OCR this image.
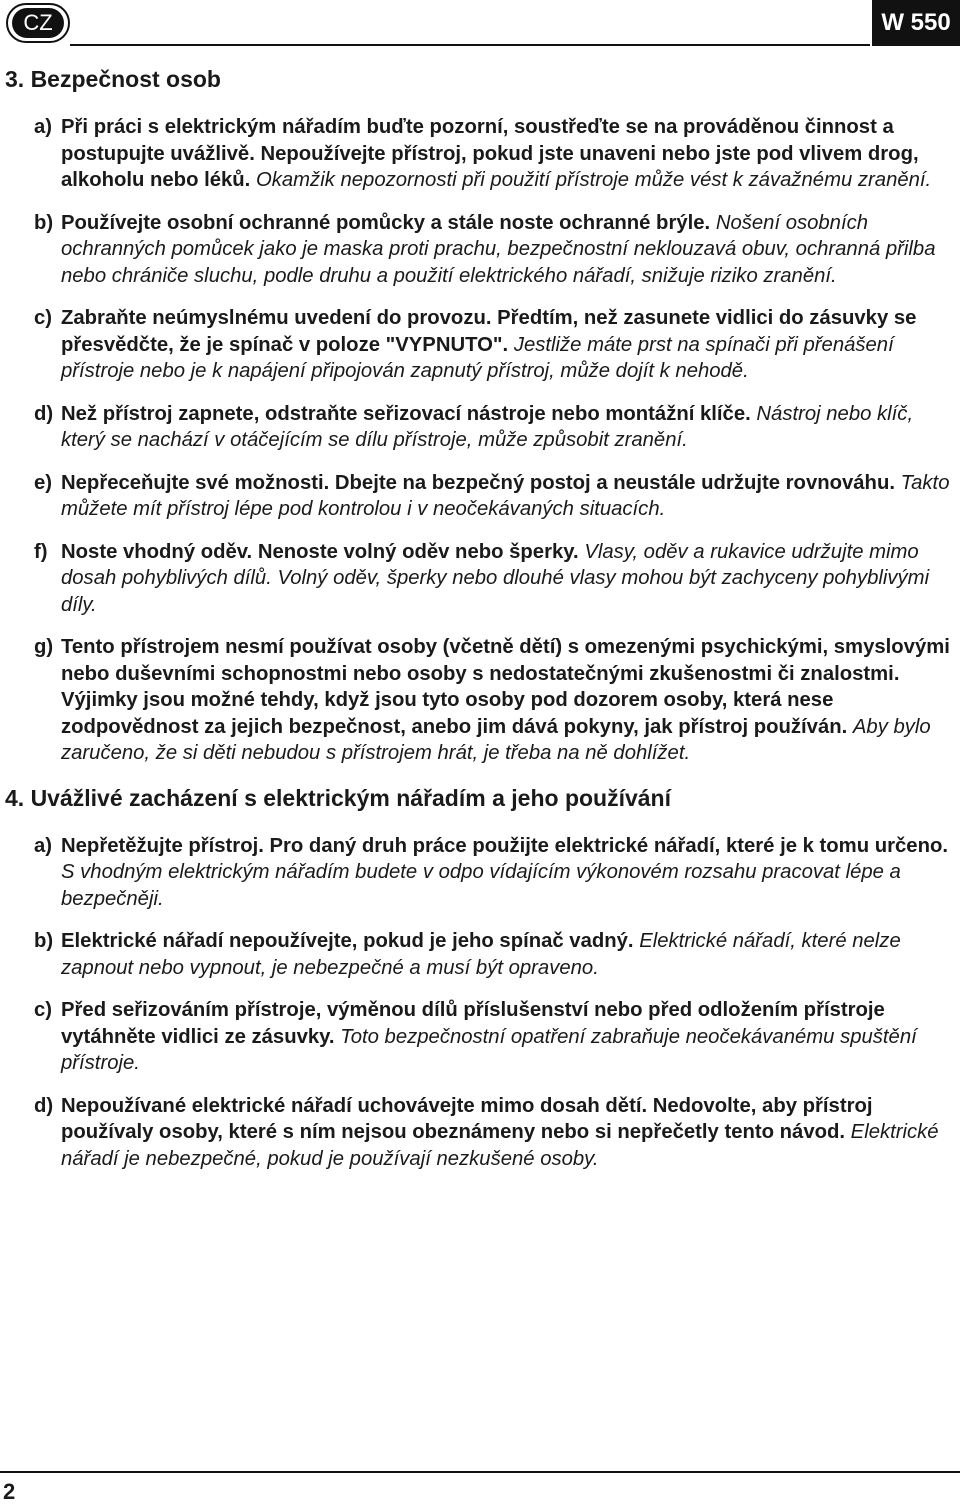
CZ	W 550
3. Bezpečnost osob
a) Při práci s elektrickým nářadím buďte pozorní, soustřeďte se na prováděnou činnost a postupujte uvážlivě. Nepoužívejte přístroj, pokud jste unaveni nebo jste pod vlivem drog, alkoholu nebo léků. Okamžik nepozornosti při použití přístroje může vést k závažnému zranění.
b) Používejte osobní ochranné pomůcky a stále noste ochranné brýle. Nošení osobních ochranných pomůcek jako je maska proti prachu, bezpečnostní neklouzavá obuv, ochranná přilba nebo chrániče sluchu, podle druhu a použití elektrického nářadí, snižuje riziko zranění.
c) Zabraňte neúmyslnému uvedení do provozu. Předtím, než zasunete vidlici do zásuvky se přesvědčte, že je spínač v poloze "VYPNUTO". Jestliže máte prst na spínači při přenášení přístroje nebo je k napájení připojován zapnutý přístroj, může dojít k nehodě.
d) Než přístroj zapnete, odstraňte seřizovací nástroje nebo montážní klíče. Nástroj nebo klíč, který se nachází v otáčejícím se dílu přístroje, může způsobit zranění.
e) Nepřeceňujte své možnosti. Dbejte na bezpečný postoj a neustále udržujte rovnováhu. Takto můžete mít přístroj lépe pod kontrolou i v neočekávaných situacích.
f) Noste vhodný oděv. Nenoste volný oděv nebo šperky. Vlasy, oděv a rukavice udržujte mimo dosah pohyblivých dílů. Volný oděv, šperky nebo dlouhé vlasy mohou být zachyceny pohyblivými díly.
g) Tento přístrojem nesmí používat osoby (včetně dětí) s omezenými psychickými, smyslovými nebo duševními schopnostmi nebo osoby s nedostatečnými zkušenostmi či znalostmi. Výjimky jsou možné tehdy, když jsou tyto osoby pod dozorem osoby, která nese zodpovědnost za jejich bezpečnost, anebo jim dává pokyny, jak přístroj používán. Aby bylo zaručeno, že si děti nebudou s přístrojem hrát, je třeba na ně dohlížet.
4. Uvážlivé zacházení s elektrickým nářadím a jeho používání
a) Nepřetěžujte přístroj. Pro daný druh práce použijte elektrické nářadí, které je k tomu určeno. S vhodným elektrickým nářadím budete v odpo vídajícím výkonovém rozsahu pracovat lépe a bezpečněji.
b) Elektrické nářadí nepoužívejte, pokud je jeho spínač vadný. Elektrické nářadí, které nelze zapnout nebo vypnout, je nebezpečné a musí být opraveno.
c) Před seřizováním přístroje, výměnou dílů příslušenství nebo před odložením přístroje vytáhněte vidlici ze zásuvky. Toto bezpečnostní opatření zabraňuje neočekávanému spuštění přístroje.
d) Nepoužívané elektrické nářadí uchovávejte mimo dosah dětí. Nedovolte, aby přístroj používaly osoby, které s ním nejsou obeznámeny nebo si nepřečetly tento návod. Elektrické nářadí je nebezpečné, pokud je používají nezkušené osoby.
2
